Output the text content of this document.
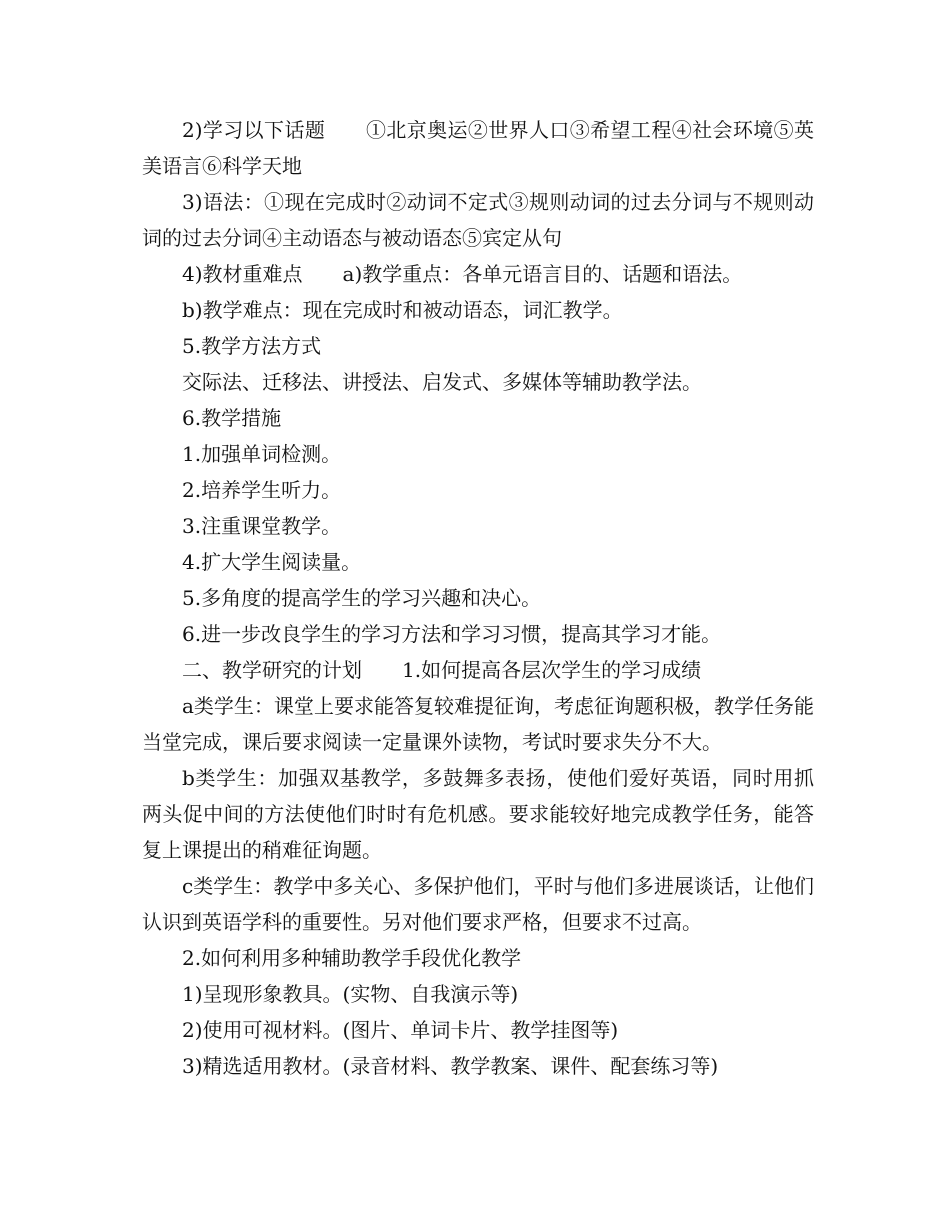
2)学习以下话题　　①北京奥运②世界人口③希望工程④社会环境⑤英美语言⑥科学天地

3)语法：①现在完成时②动词不定式③规则动词的过去分词与不规则动词的过去分词④主动语态与被动语态⑤宾定从句

4)教材重难点　　a)教学重点：各单元语言目的、话题和语法。

b)教学难点：现在完成时和被动语态，词汇教学。

5.教学方法方式

交际法、迁移法、讲授法、启发式、多媒体等辅助教学法。

6.教学措施

1.加强单词检测。

2.培养学生听力。

3.注重课堂教学。

4.扩大学生阅读量。

5.多角度的提高学生的学习兴趣和决心。

6.进一步改良学生的学习方法和学习习惯，提高其学习才能。

二、教学研究的计划　　1.如何提高各层次学生的学习成绩

a类学生：课堂上要求能答复较难提征询，考虑征询题积极，教学任务能当堂完成，课后要求阅读一定量课外读物，考试时要求失分不大。

b类学生：加强双基教学，多鼓舞多表扬，使他们爱好英语，同时用抓两头促中间的方法使他们时时有危机感。要求能较好地完成教学任务，能答复上课提出的稍难征询题。

c类学生：教学中多关心、多保护他们，平时与他们多进展谈话，让他们认识到英语学科的重要性。另对他们要求严格，但要求不过高。

2.如何利用多种辅助教学手段优化教学

1)呈现形象教具。(实物、自我演示等)

2)使用可视材料。(图片、单词卡片、教学挂图等)

3)精选适用教材。(录音材料、教学教案、课件、配套练习等)
